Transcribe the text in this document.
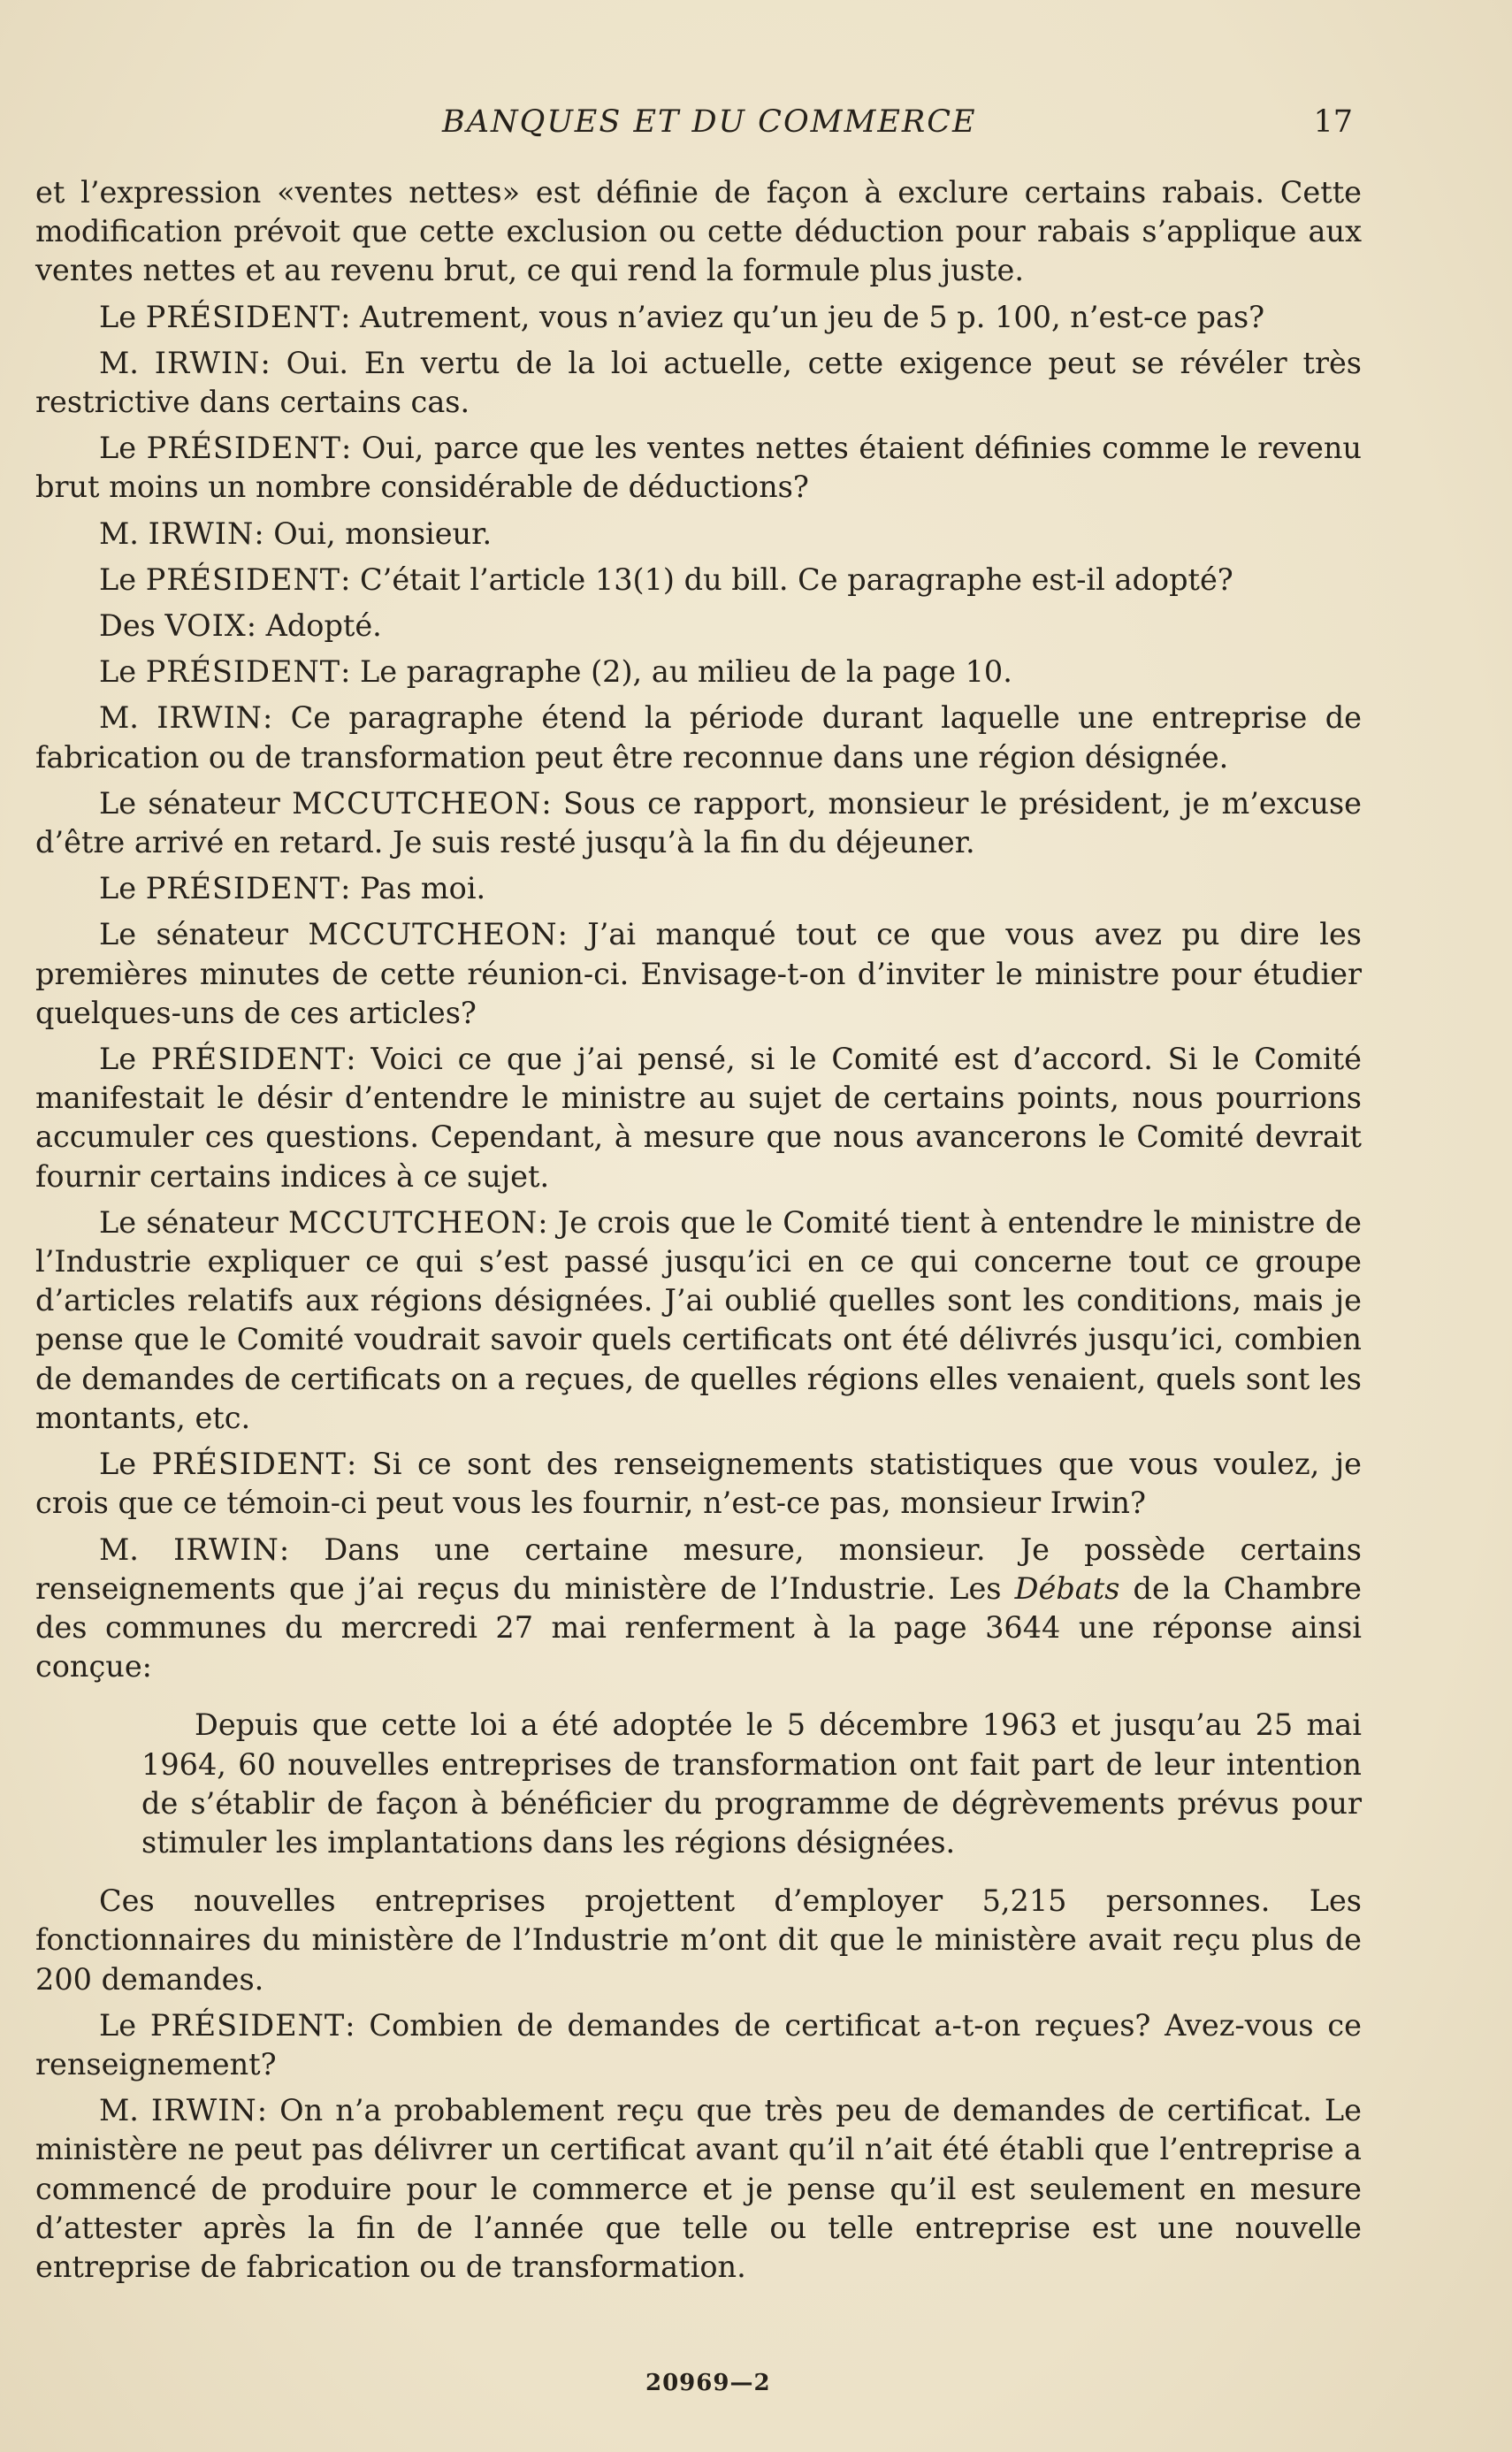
BANQUES ET DU COMMERCE	17

et l’expression «ventes nettes» est définie de façon à exclure certains rabais. Cette modification prévoit que cette exclusion ou cette déduction pour rabais s’applique aux ventes nettes et au revenu brut, ce qui rend la formule plus juste.

Le PRÉSIDENT: Autrement, vous n’aviez qu’un jeu de 5 p. 100, n’est-ce pas?

M. IRWIN: Oui. En vertu de la loi actuelle, cette exigence peut se révéler très restrictive dans certains cas.

Le PRÉSIDENT: Oui, parce que les ventes nettes étaient définies comme le revenu brut moins un nombre considérable de déductions?

M. IRWIN: Oui, monsieur.

Le PRÉSIDENT: C’était l’article 13(1) du bill. Ce paragraphe est-il adopté?

Des VOIX: Adopté.

Le PRÉSIDENT: Le paragraphe (2), au milieu de la page 10.

M. IRWIN: Ce paragraphe étend la période durant laquelle une entreprise de fabrication ou de transformation peut être reconnue dans une région désignée.

Le sénateur MCCUTCHEON: Sous ce rapport, monsieur le président, je m’excuse d’être arrivé en retard. Je suis resté jusqu’à la fin du déjeuner.

Le PRÉSIDENT: Pas moi.

Le sénateur MCCUTCHEON: J’ai manqué tout ce que vous avez pu dire les premières minutes de cette réunion-ci. Envisage-t-on d’inviter le ministre pour étudier quelques-uns de ces articles?

Le PRÉSIDENT: Voici ce que j’ai pensé, si le Comité est d’accord. Si le Comité manifestait le désir d’entendre le ministre au sujet de certains points, nous pourrions accumuler ces questions. Cependant, à mesure que nous avancerons le Comité devrait fournir certains indices à ce sujet.

Le sénateur MCCUTCHEON: Je crois que le Comité tient à entendre le ministre de l’Industrie expliquer ce qui s’est passé jusqu’ici en ce qui concerne tout ce groupe d’articles relatifs aux régions désignées. J’ai oublié quelles sont les conditions, mais je pense que le Comité voudrait savoir quels certificats ont été délivrés jusqu’ici, combien de demandes de certificats on a reçues, de quelles régions elles venaient, quels sont les montants, etc.

Le PRÉSIDENT: Si ce sont des renseignements statistiques que vous voulez, je crois que ce témoin-ci peut vous les fournir, n’est-ce pas, monsieur Irwin?

M. IRWIN: Dans une certaine mesure, monsieur. Je possède certains renseignements que j’ai reçus du ministère de l’Industrie. Les Débats de la Chambre des communes du mercredi 27 mai renferment à la page 3644 une réponse ainsi conçue:

Depuis que cette loi a été adoptée le 5 décembre 1963 et jusqu’au 25 mai 1964, 60 nouvelles entreprises de transformation ont fait part de leur intention de s’établir de façon à bénéficier du programme de dégrèvements prévus pour stimuler les implantations dans les régions désignées.

Ces nouvelles entreprises projettent d’employer 5,215 personnes. Les fonctionnaires du ministère de l’Industrie m’ont dit que le ministère avait reçu plus de 200 demandes.

Le PRÉSIDENT: Combien de demandes de certificat a-t-on reçues? Avez-vous ce renseignement?

M. IRWIN: On n’a probablement reçu que très peu de demandes de certificat. Le ministère ne peut pas délivrer un certificat avant qu’il n’ait été établi que l’entreprise a commencé de produire pour le commerce et je pense qu’il est seulement en mesure d’attester après la fin de l’année que telle ou telle entreprise est une nouvelle entreprise de fabrication ou de transformation.

20969—2
